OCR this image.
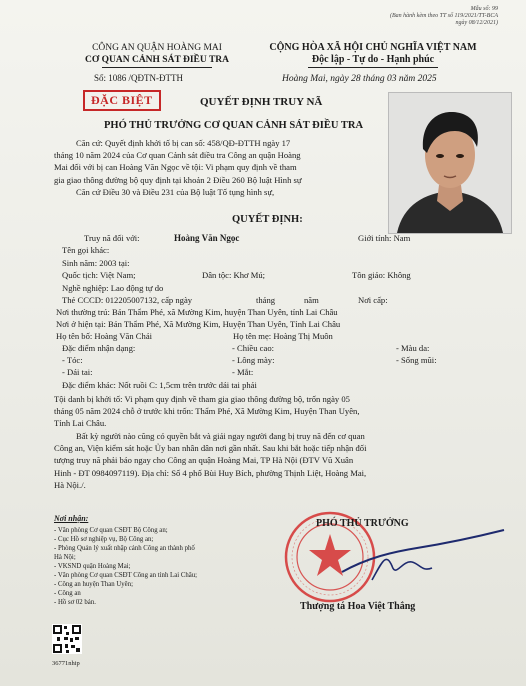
Mẫu số: 99
(Ban hành kèm theo TT số 119/2021/TT-BCA
ngày 08/12/2021)
CÔNG AN QUẬN HOÀNG MAI
CƠ QUAN CẢNH SÁT ĐIỀU TRA
CỘNG HÒA XÃ HỘI CHỦ NGHĨA VIỆT NAM
Độc lập - Tự do - Hạnh phúc
Số: 1086 /QĐTN-ĐTTH	Hoàng Mai, ngày 28 tháng 03 năm 2025
ĐẶC BIỆT	QUYẾT ĐỊNH TRUY NÃ
PHÓ THỦ TRƯỞNG CƠ QUAN CẢNH SÁT ĐIỀU TRA
Căn cứ: Quyết định khởi tố bị can số: 458/QĐ-ĐTTH ngày 17
tháng 10 năm 2024 của Cơ quan Cảnh sát điều tra Công an quận Hoàng
Mai đối với bị can Hoàng Văn Ngọc về tội: Vi phạm quy định về tham
gia giao thông đường bộ quy định tại khoản 2 Điều 260 Bộ luật Hình sự
Căn cứ Điều 30 và Điều 231 của Bộ luật Tố tụng hình sự,
QUYẾT ĐỊNH:
Truy nã đối với:	Hoàng Văn Ngọc	Giới tính: Nam
Tên gọi khác:
Sinh năm: 2003 tại:
Quốc tịch: Việt Nam;	Dân tộc: Khơ Mú;	Tôn giáo: Không
Nghề nghiệp: Lao động tự do
Thẻ CCCD: 012205007132, cấp ngày	tháng	năm	Nơi cấp:
Nơi thường trú: Bản Thẩm Phé, xã Mường Kim, huyện Than Uyên, tỉnh Lai Châu
Nơi ở hiện tại: Bản Thẩm Phé, Xã Mường Kim, Huyện Than Uyên, Tỉnh Lai Châu
Họ tên bố: Hoàng Văn Chải	Họ tên mẹ: Hoàng Thị Muôn
Đặc điểm nhận dạng:	- Chiều cao:	- Màu da:
- Tóc:	- Lông mày:	- Sống mũi:
- Dái tai:	- Mắt:
Đặc điểm khác: Nốt ruồi C: 1,5cm trên trước dái tai phải
Tội danh bị khởi tố: Vi phạm quy định về tham gia giao thông đường bộ, trốn ngày 05
tháng 05 năm 2024 chỗ ở trước khi trốn: Thẩm Phé, Xã Mường Kim, Huyện Than Uyên,
Tỉnh Lai Châu.
Bất kỳ người nào cũng có quyền bắt và giải ngay người đang bị truy nã đến cơ quan
Công an, Viện kiểm sát hoặc Ủy ban nhân dân nơi gần nhất. Sau khi bắt hoặc tiếp nhận đối
tượng truy nã phải báo ngay cho Công an quận Hoàng Mai, TP Hà Nội (ĐTV Vũ Xuân
Hinh - ĐT 0984097119). Địa chỉ: Số 4 phố Bùi Huy Bích, phường Thịnh Liệt, Hoàng Mai,
Hà Nội./.
Nơi nhận:
- Văn phòng Cơ quan CSĐT Bộ Công an;
- Cục Hồ sơ nghiệp vụ, Bộ Công an;
- Phòng Quản lý xuất nhập cảnh Công an thành phố
Hà Nội;
- VKSND quận Hoàng Mai;
- Văn phòng Cơ quan CSĐT Công an tỉnh Lai Châu;
- Công an huyện Than Uyên;
- Công an
- Hồ sơ 02 bản.
PHÓ THỦ TRƯỞNG
Thượng tá Hoa Việt Thắng
36771nhip
